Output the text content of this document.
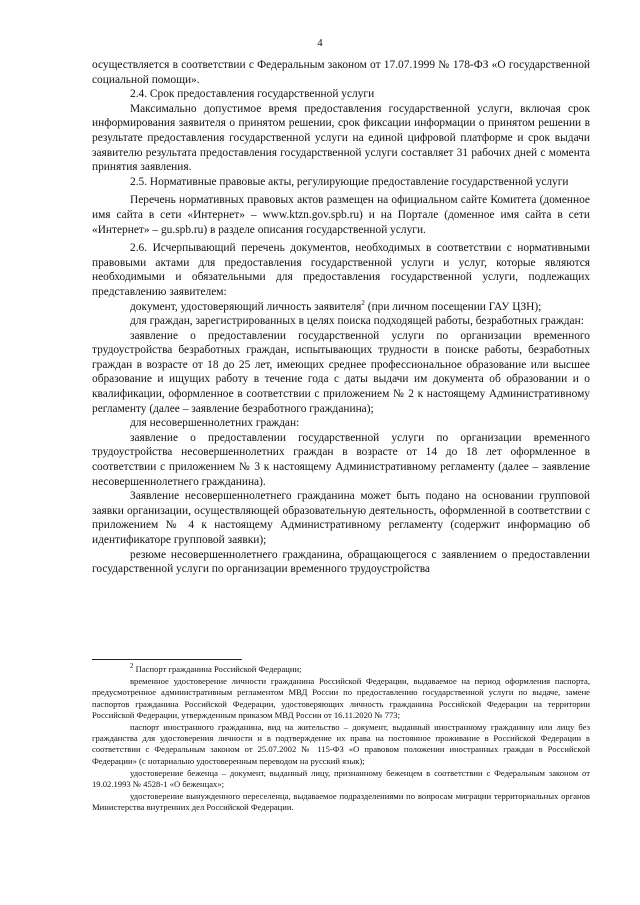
4

осуществляется в соответствии с Федеральным законом от 17.07.1999 № 178-ФЗ «О государственной социальной помощи».

2.4. Срок предоставления государственной услуги

Максимально допустимое время предоставления государственной услуги, включая срок информирования заявителя о принятом решении, срок фиксации информации о принятом решении в результате предоставления государственной услуги на единой цифровой платформе и срок выдачи заявителю результата предоставления государственной услуги составляет 31 рабочих дней с момента принятия заявления.

2.5. Нормативные правовые акты, регулирующие предоставление государственной услуги

Перечень нормативных правовых актов размещен на официальном сайте Комитета (доменное имя сайта в сети «Интернет» – www.ktzn.gov.spb.ru) и на Портале (доменное имя сайта в сети «Интернет» – gu.spb.ru) в разделе описания государственной услуги.

2.6. Исчерпывающий перечень документов, необходимых в соответствии с нормативными правовыми актами для предоставления государственной услуги и услуг, которые являются необходимыми и обязательными для предоставления государственной услуги, подлежащих представлению заявителем:

документ, удостоверяющий личность заявителя$^2$ (при личном посещении ГАУ ЦЗН);

для граждан, зарегистрированных в целях поиска подходящей работы, безработных граждан:

заявление о предоставлении государственной услуги по организации временного трудоустройства безработных граждан, испытывающих трудности в поиске работы, безработных граждан в возрасте от 18 до 25 лет, имеющих среднее профессиональное образование или высшее образование и ищущих работу в течение года с даты выдачи им документа об образовании и о квалификации, оформленное в соответствии с приложением № 2 к настоящему Административному регламенту (далее – заявление безработного гражданина);

для несовершеннолетних граждан:

заявление о предоставлении государственной услуги по организации временного трудоустройства несовершеннолетних граждан в возрасте от 14 до 18 лет оформленное в соответствии с приложением № 3 к настоящему Административному регламенту (далее – заявление несовершеннолетнего гражданина).

Заявление несовершеннолетнего гражданина может быть подано на основании групповой заявки организации, осуществляющей образовательную деятельность, оформленной в соответствии с приложением № 4 к настоящему Административному регламенту (содержит информацию об идентификаторе групповой заявки);

резюме несовершеннолетнего гражданина, обращающегося с заявлением о предоставлении государственной услуги по организации временного трудоустройства

$^2$ Паспорт гражданина Российской Федерации;

временное удостоверение личности гражданина Российской Федерации, выдаваемое на период оформления паспорта, предусмотренное административным регламентом МВД России по предоставлению государственной услуги по выдаче, замене паспортов гражданина Российской Федерации, удостоверяющих личность гражданина Российской Федерации на территории Российской Федерации, утвержденным приказом МВД России от 16.11.2020 № 773;

паспорт иностранного гражданина, вид на жительство – документ, выданный иностранному гражданину или лицу без гражданства для удостоверения личности и в подтверждение их права на постоянное проживание в Российской Федерации в соответствии с Федеральным законом от 25.07.2002 № 115-ФЗ «О правовом положении иностранных граждан в Российской Федерации» (с нотариально удостоверенным переводом на русский язык);

удостоверение беженца – документ, выданный лицу, признанному беженцем в соответствии с Федеральным законом от 19.02.1993 № 4528-1 «О беженцах»;

удостоверение вынужденного переселенца, выдаваемое подразделениями по вопросам миграции территориальных органов Министерства внутренних дел Российской Федерации.
